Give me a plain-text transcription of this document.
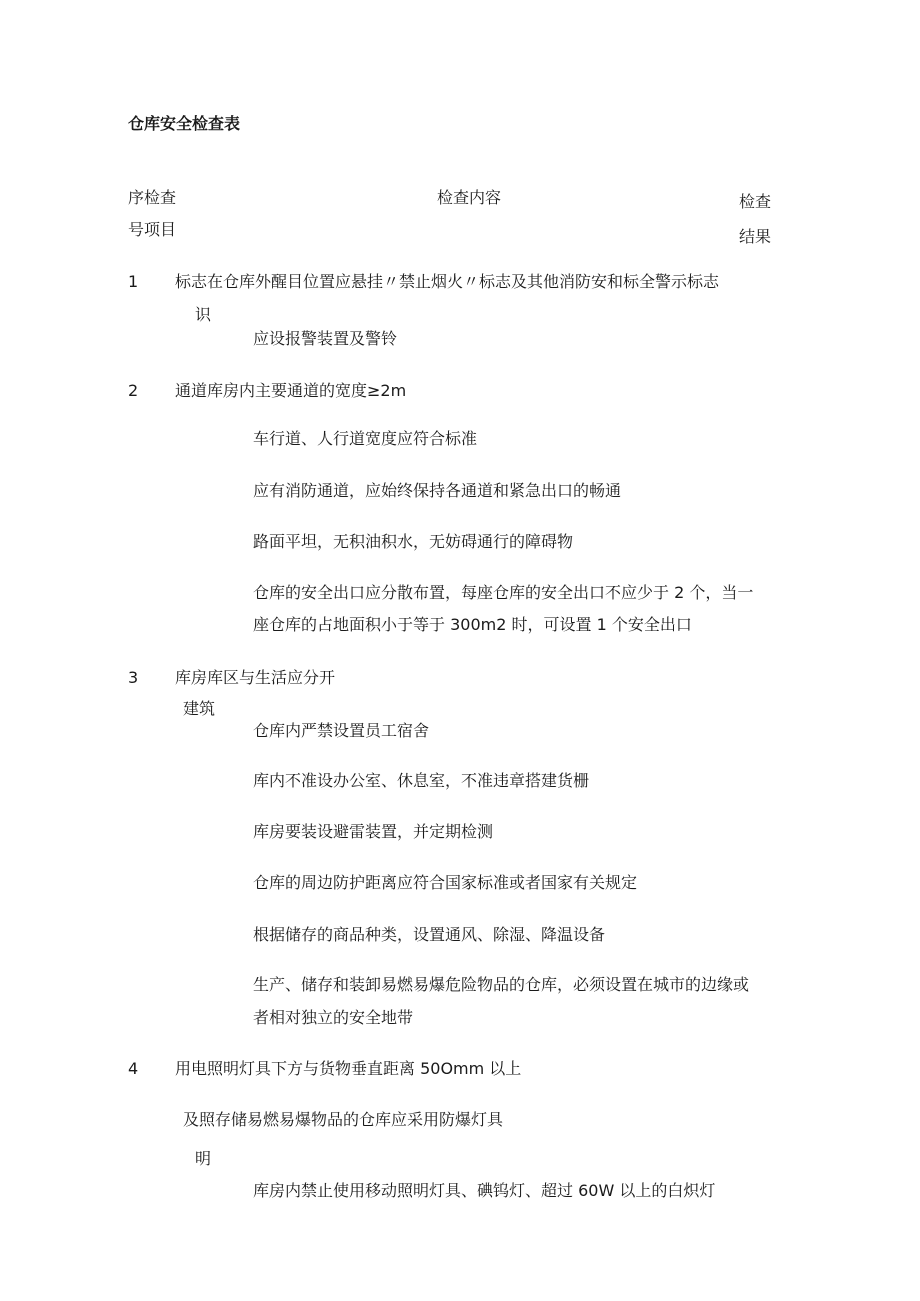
仓库安全检查表
序检查
号项目
检查内容	检查
结果
1 标志在仓库外醒目位置应悬挂〃禁止烟火〃标志及其他消防安和标全警示标志
识
应设报警装置及警铃
2 通道库房内主要通道的宽度≥2m
车行道、人行道宽度应符合标准
应有消防通道，应始终保持各通道和紧急出口的畅通
路面平坦，无积油积水，无妨碍通行的障碍物
仓库的安全出口应分散布置，每座仓库的安全出口不应少于 2 个，当一
座仓库的占地面积小于等于 300m2 时，可设置 1 个安全出口
3 库房库区与生活应分开
建筑
仓库内严禁设置员工宿舍
库内不准设办公室、休息室，不准违章搭建货栅
库房要装设避雷装置，并定期检测
仓库的周边防护距离应符合国家标准或者国家有关规定
根据储存的商品种类，设置通风、除湿、降温设备
生产、储存和装卸易燃易爆危险物品的仓库，必须设置在城市的边缘或
者相对独立的安全地带
4 用电照明灯具下方与货物垂直距离 50Omm 以上
及照存储易燃易爆物品的仓库应采用防爆灯具
明
库房内禁止使用移动照明灯具、碘钨灯、超过 60W 以上的白炽灯
